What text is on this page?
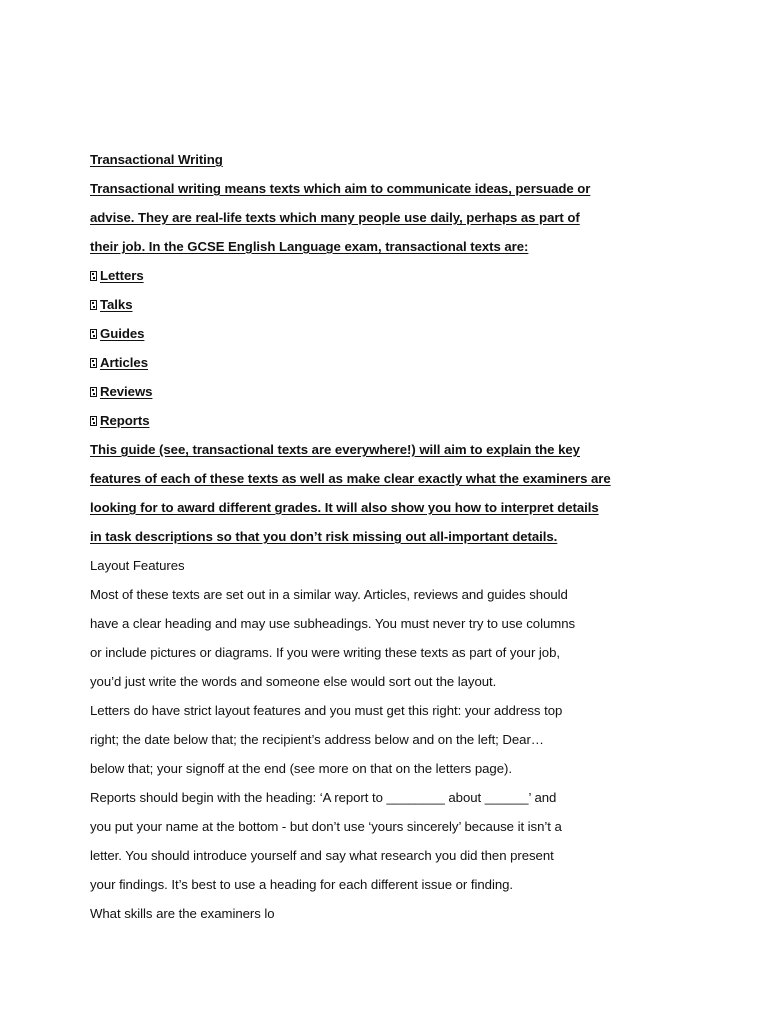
Transactional Writing
Transactional writing means texts which aim to communicate ideas, persuade or
advise. They are real-life texts which many people use daily, perhaps as part of
their job. In the GCSE English Language exam, transactional texts are:
Letters
Talks
Guides
Articles
Reviews
Reports
This guide (see, transactional texts are everywhere!) will aim to explain the key
features of each of these texts as well as make clear exactly what the examiners are
looking for to award different grades. It will also show you how to interpret details
in task descriptions so that you don’t risk missing out all-important details.
Layout Features
Most of these texts are set out in a similar way. Articles, reviews and guides should
have a clear heading and may use subheadings. You must never try to use columns
or include pictures or diagrams. If you were writing these texts as part of your job,
you’d just write the words and someone else would sort out the layout.
Letters do have strict layout features and you must get this right: your address top
right; the date below that; the recipient’s address below and on the left; Dear…
below that; your signoff at the end (see more on that on the letters page).
Reports should begin with the heading: ‘A report to ________ about ______’ and
you put your name at the bottom - but don’t use ‘yours sincerely’ because it isn’t a
letter. You should introduce yourself and say what research you did then present
your findings. It’s best to use a heading for each different issue or finding.
What skills are the examiners lo
